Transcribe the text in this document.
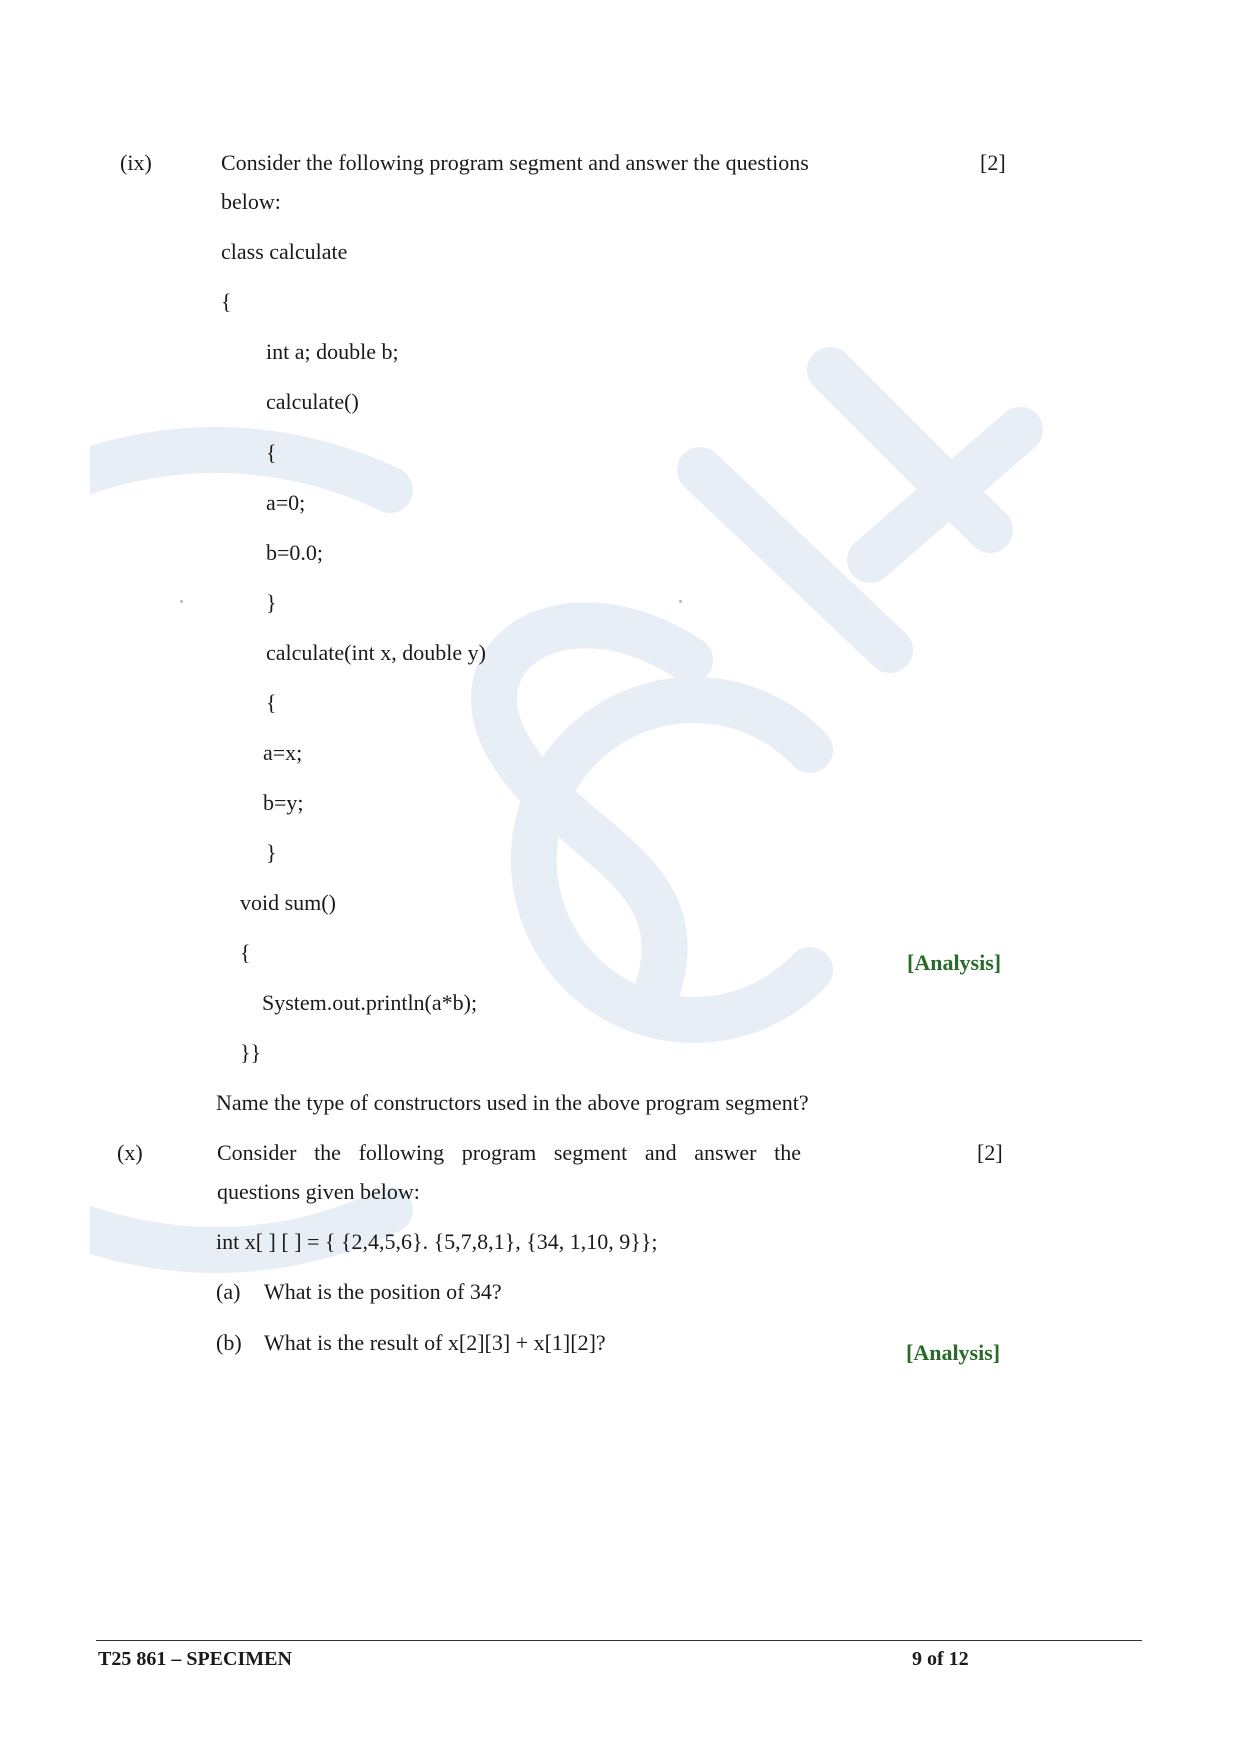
(ix)	Consider the following program segment and answer the questions	[2]
below:
class calculate
{
int a; double b;
calculate()
{
a=0;
b=0.0;
}
calculate(int x, double y)
{
a=x;
b=y;
}
void sum()
{
System.out.println(a*b);
}}
[Analysis]
Name the type of constructors used in the above program segment?
(x)	Consider the following program segment and answer the	[2]
questions given below:
int x[ ] [ ] = { {2,4,5,6}. {5,7,8,1}, {34, 1,10, 9}};
(a) What is the position of 34?
(b) What is the result of x[2][3] + x[1][2]?	[Analysis]
T25 861 – SPECIMEN	9 of 12
